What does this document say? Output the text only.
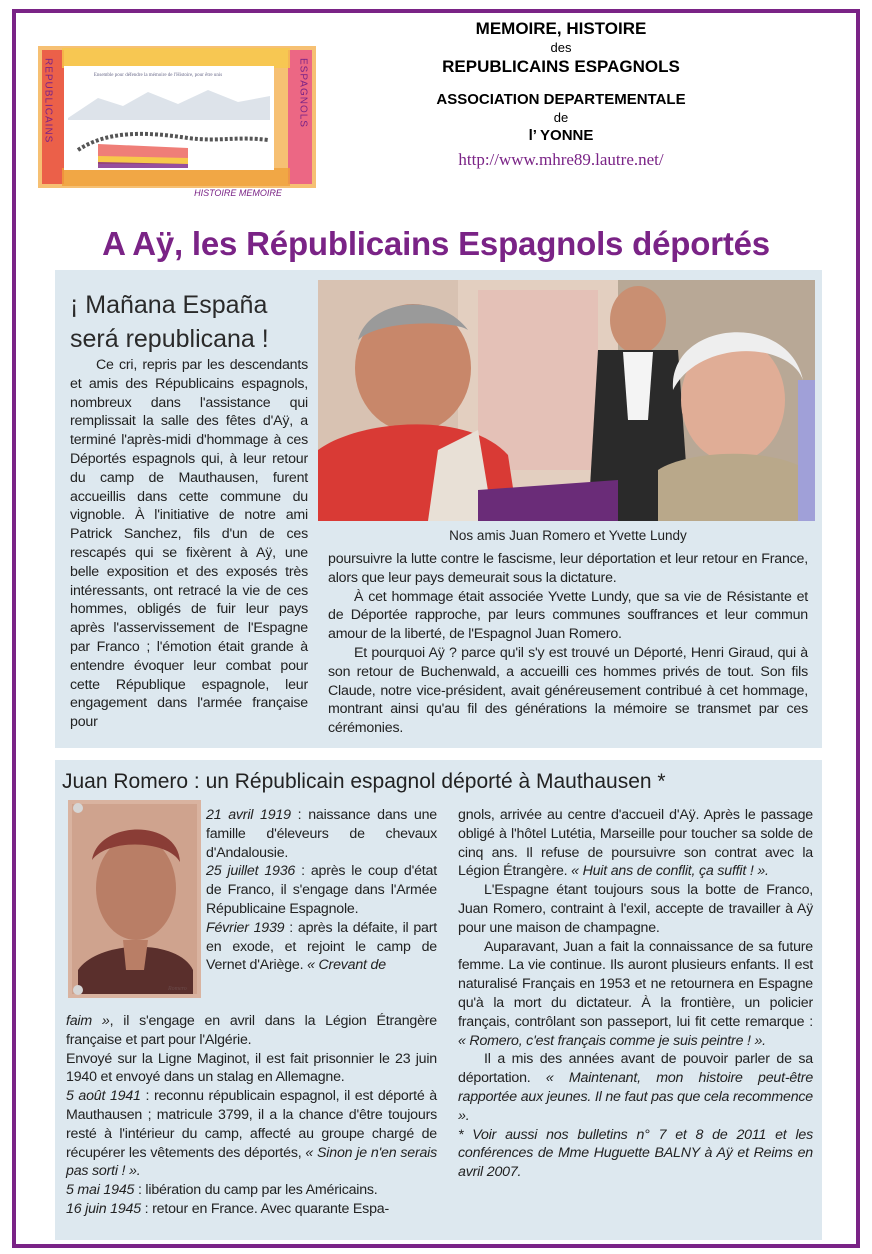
Ensemble pour défendre la mémoire de l'Histoire, pour être unis
REPUBLICAINS	ESPAGNOLS
HISTOIRE MEMOIRE
MEMOIRE, HISTOIRE
des
REPUBLICAINS ESPAGNOLS
ASSOCIATION DEPARTEMENTALE
de
l’ YONNE
http://www.mhre89.lautre.net/
A Aÿ, les Républicains Espagnols déportés
¡ Mañana España
será republicana !

Ce cri, repris par les descendants et amis des Républicains espagnols, nombreux dans l'assistance qui remplissait la salle des fêtes d'Aÿ, a terminé l'après-midi d'hommage à ces Déportés espagnols qui, à leur retour du camp de Mauthausen, furent accueillis dans cette commune du vignoble. À l'initiative de notre ami Patrick Sanchez, fils d'un de ces rescapés qui se fixèrent à Aÿ, une belle exposition et des exposés très intéressants, ont retracé la vie de ces hommes, obligés de fuir leur pays après l'asservissement de l'Espagne par Franco ; l'émotion était grande à entendre évoquer leur combat pour cette République espagnole, leur engagement dans l'armée française pour

Nos amis Juan Romero et Yvette Lundy

poursuivre la lutte contre le fascisme, leur déportation et leur retour en France, alors que leur pays demeurait sous la dictature.

À cet hommage était associée Yvette Lundy, que sa vie de Résistante et de Déportée rapproche, par leurs communes souffrances et leur commun amour de la liberté, de l'Espagnol Juan Romero.

Et pourquoi Aÿ ? parce qu'il s'y est trouvé un Déporté, Henri Giraud, qui à son retour de Buchenwald, a accueilli ces hommes privés de tout. Son fils Claude, notre vice-président, avait généreusement contribué à cet hommage, montrant ainsi qu'au fil des générations la mémoire se transmet par ces cérémonies.

Juan Romero : un Républicain espagnol déporté à Mauthausen *
Romero

21 avril 1919 : naissance dans une famille d'éleveurs de chevaux d'Andalousie.

25 juillet 1936 : après le coup d'état de Franco, il s'engage dans l'Armée Républicaine Espagnole.

Février 1939 : après la défaite, il part en exode, et rejoint le camp de Vernet d'Ariège. « Crevant de

faim », il s'engage en avril dans la Légion Étrangère française et part pour l'Algérie.

Envoyé sur la Ligne Maginot, il est fait prisonnier le 23 juin 1940 et envoyé dans un stalag en Allemagne.

5 août 1941 : reconnu républicain espagnol, il est déporté à Mauthausen ; matricule 3799, il a la chance d'être toujours resté à l'intérieur du camp, affecté au groupe chargé de récupérer les vêtements des déportés, « Sinon je n'en serais pas sorti ! ».

5 mai 1945 : libération du camp par les Américains.

16 juin 1945 : retour en France. Avec quarante Espa-

gnols, arrivée au centre d'accueil d'Aÿ. Après le passage obligé à l'hôtel Lutétia, Marseille pour toucher sa solde de cinq ans. Il refuse de poursuivre son contrat avec la Légion Étrangère. « Huit ans de conflit, ça suffit ! ».

L'Espagne étant toujours sous la botte de Franco, Juan Romero, contraint à l'exil, accepte de travailler à Aÿ pour une maison de champagne.

Auparavant, Juan a fait la connaissance de sa future femme. La vie continue. Ils auront plusieurs enfants. Il est naturalisé Français en 1953 et ne retournera en Espagne qu'à la mort du dictateur. À la frontière, un policier français, contrôlant son passeport, lui fit cette remarque : « Romero, c'est français comme je suis peintre ! ».

Il a mis des années avant de pouvoir parler de sa déportation. « Maintenant, mon histoire peut-être rapportée aux jeunes. Il ne faut pas que cela recommence ».

* Voir aussi nos bulletins n° 7 et 8 de 2011 et les conférences de Mme Huguette BALNY à Aÿ et Reims en avril 2007.
